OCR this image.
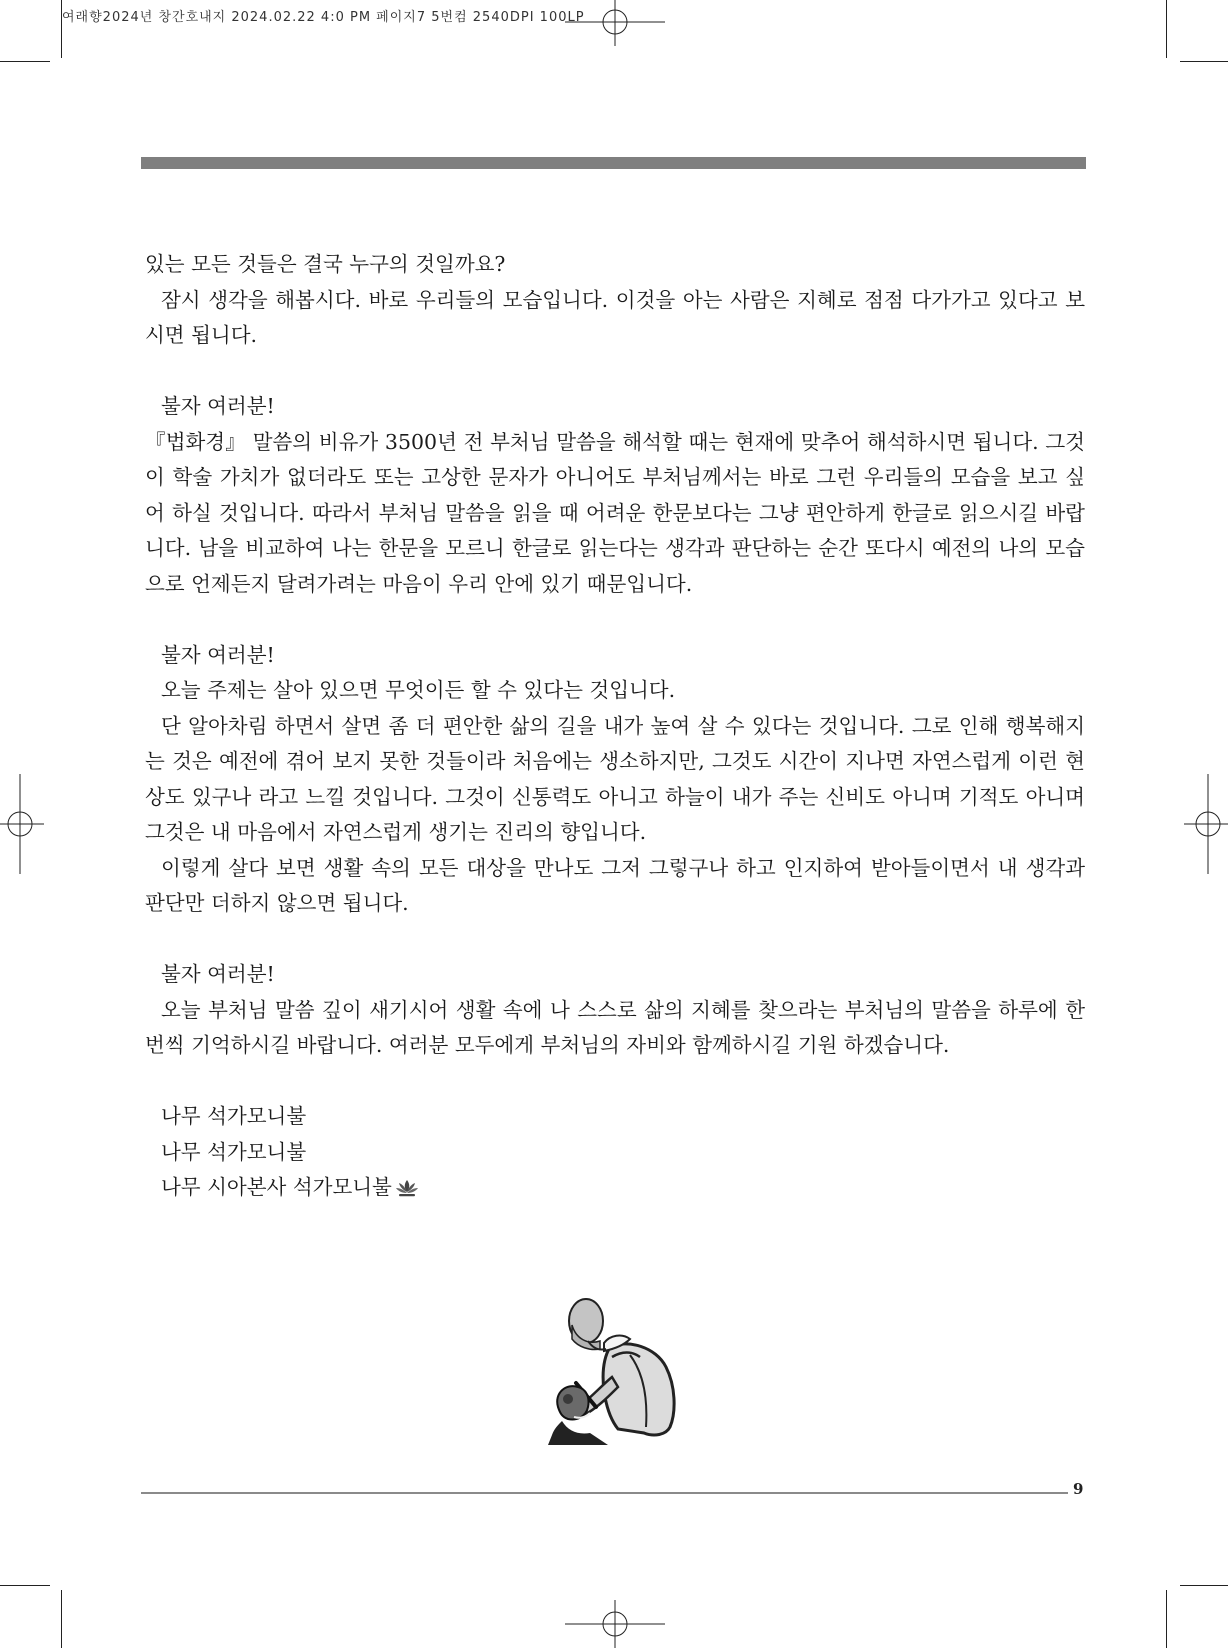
여래향2024년 창간호내지 2024.02.22 4:0 PM 페이지7 5번컴 2540DPI 100LP

있는 모든 것들은 결국 누구의 것일까요?

잠시 생각을 해봅시다. 바로 우리들의 모습입니다. 이것을 아는 사람은 지혜로 점점 다가가고 있다고 보시면 됩니다.

불자 여러분!

『법화경』 말씀의 비유가 3500년 전 부처님 말씀을 해석할 때는 현재에 맞추어 해석하시면 됩니다. 그것이 학술 가치가 없더라도 또는 고상한 문자가 아니어도 부처님께서는 바로 그런 우리들의 모습을 보고 싶어 하실 것입니다. 따라서 부처님 말씀을 읽을 때 어려운 한문보다는 그냥 편안하게 한글로 읽으시길 바랍니다. 남을 비교하여 나는 한문을 모르니 한글로 읽는다는 생각과 판단하는 순간 또다시 예전의 나의 모습으로 언제든지 달려가려는 마음이 우리 안에 있기 때문입니다.

불자 여러분!

오늘 주제는 살아 있으면 무엇이든 할 수 있다는 것입니다.

단 알아차림 하면서 살면 좀 더 편안한 삶의 길을 내가 높여 살 수 있다는 것입니다. 그로 인해 행복해지는 것은 예전에 겪어 보지 못한 것들이라 처음에는 생소하지만, 그것도 시간이 지나면 자연스럽게 이런 현상도 있구나 라고 느낄 것입니다. 그것이 신통력도 아니고 하늘이 내가 주는 신비도 아니며 기적도 아니며 그것은 내 마음에서 자연스럽게 생기는 진리의 향입니다.

이렇게 살다 보면 생활 속의 모든 대상을 만나도 그저 그렇구나 하고 인지하여 받아들이면서 내 생각과 판단만 더하지 않으면 됩니다.

불자 여러분!

오늘 부처님 말씀 깊이 새기시어 생활 속에 나 스스로 삶의 지혜를 찾으라는 부처님의 말씀을 하루에 한 번씩 기억하시길 바랍니다. 여러분 모두에게 부처님의 자비와 함께하시길 기원 하겠습니다.

나무 석가모니불

나무 석가모니불

나무 시아본사 석가모니불

9
